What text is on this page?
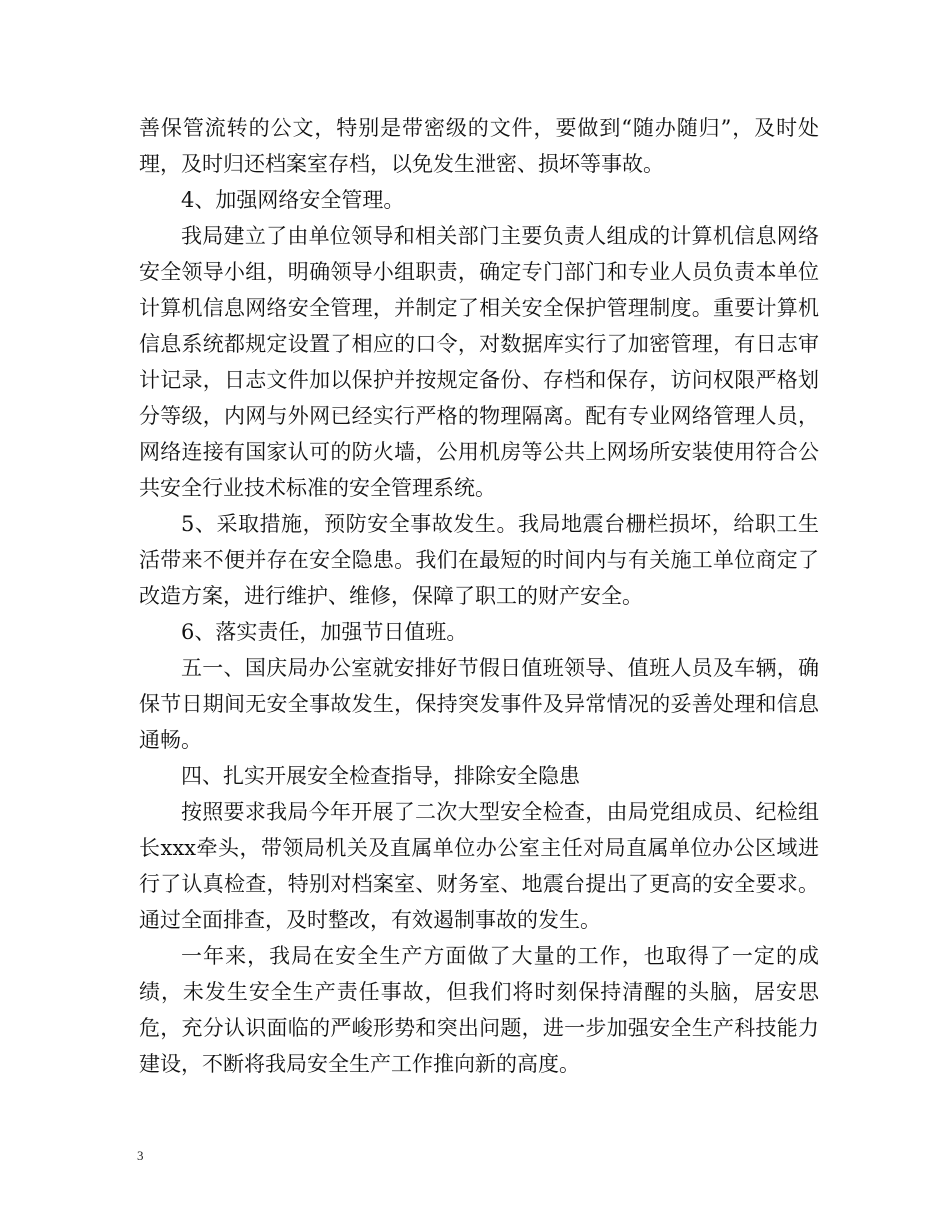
善保管流转的公文，特别是带密级的文件，要做到“随办随归”，及时处理，及时归还档案室存档，以免发生泄密、损坏等事故。

4、加强网络安全管理。

我局建立了由单位领导和相关部门主要负责人组成的计算机信息网络安全领导小组，明确领导小组职责，确定专门部门和专业人员负责本单位计算机信息网络安全管理，并制定了相关安全保护管理制度。重要计算机信息系统都规定设置了相应的口令，对数据库实行了加密管理，有日志审计记录，日志文件加以保护并按规定备份、存档和保存，访问权限严格划分等级，内网与外网已经实行严格的物理隔离。配有专业网络管理人员，网络连接有国家认可的防火墙，公用机房等公共上网场所安装使用符合公共安全行业技术标准的安全管理系统。

5、采取措施，预防安全事故发生。我局地震台栅栏损坏，给职工生活带来不便并存在安全隐患。我们在最短的时间内与有关施工单位商定了改造方案，进行维护、维修，保障了职工的财产安全。

6、落实责任，加强节日值班。

五一、国庆局办公室就安排好节假日值班领导、值班人员及车辆，确保节日期间无安全事故发生，保持突发事件及异常情况的妥善处理和信息通畅。

四、扎实开展安全检查指导，排除安全隐患

按照要求我局今年开展了二次大型安全检查，由局党组成员、纪检组长xxx牵头，带领局机关及直属单位办公室主任对局直属单位办公区域进行了认真检查，特别对档案室、财务室、地震台提出了更高的安全要求。通过全面排查，及时整改，有效遏制事故的发生。

一年来，我局在安全生产方面做了大量的工作，也取得了一定的成绩，未发生安全生产责任事故，但我们将时刻保持清醒的头脑，居安思危，充分认识面临的严峻形势和突出问题，进一步加强安全生产科技能力建设，不断将我局安全生产工作推向新的高度。

3
